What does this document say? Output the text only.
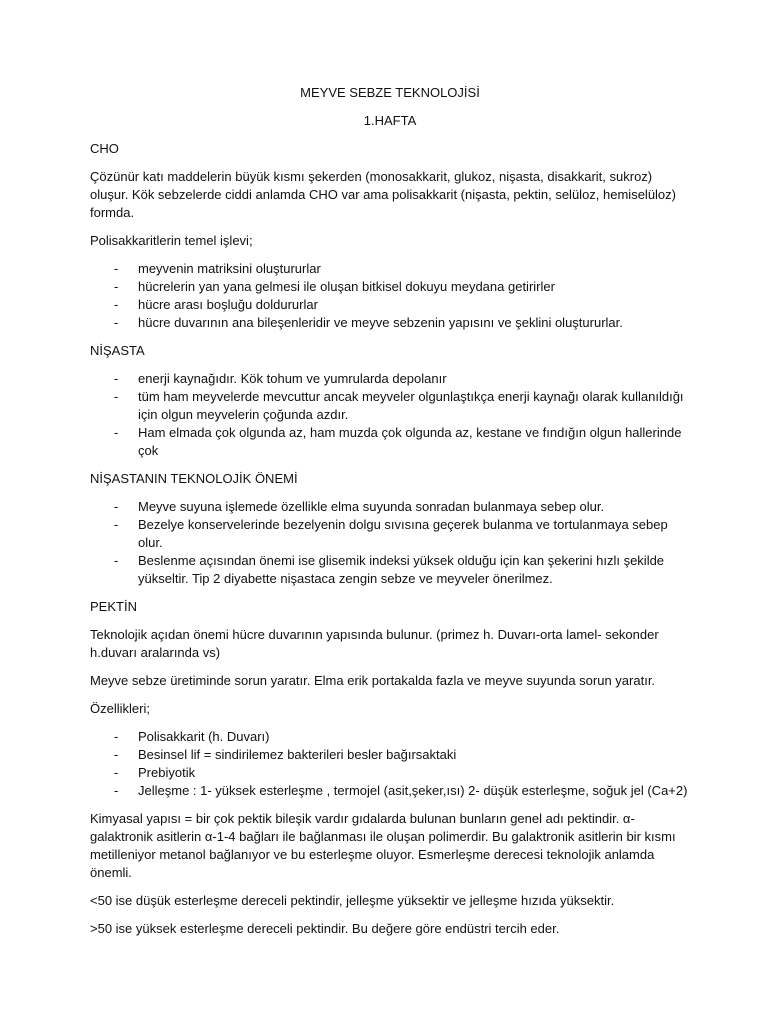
MEYVE SEBZE TEKNOLOJİSİ

1.HAFTA

CHO

Çözünür katı maddelerin büyük kısmı şekerden (monosakkarit, glukoz, nişasta, disakkarit, sukroz) oluşur. Kök sebzelerde ciddi anlamda CHO var ama polisakkarit (nişasta, pektin, selüloz, hemiselüloz) formda.

Polisakkaritlerin temel işlevi;

- meyvenin matriksini oluştururlar
- hücrelerin yan yana gelmesi ile oluşan bitkisel dokuyu meydana getirirler
- hücre arası boşluğu doldururlar
- hücre duvarının ana bileşenleridir ve meyve sebzenin yapısını ve şeklini oluştururlar.

NİŞASTA

- enerji kaynağıdır. Kök tohum ve yumrularda depolanır
- tüm ham meyvelerde mevcuttur ancak meyveler olgunlaştıkça enerji kaynağı olarak kullanıldığı için olgun meyvelerin çoğunda azdır.
- Ham elmada çok olgunda az, ham muzda çok olgunda az, kestane ve fındığın olgun hallerinde çok

NİŞASTANIN TEKNOLOJİK ÖNEMİ

- Meyve suyuna işlemede özellikle elma suyunda sonradan bulanmaya sebep olur.
- Bezelye konservelerinde bezelyenin dolgu sıvısına geçerek bulanma ve tortulanmaya sebep olur.
- Beslenme açısından önemi ise glisemik indeksi yüksek olduğu için kan şekerini hızlı şekilde yükseltir. Tip 2 diyabette nişastaca zengin sebze ve meyveler önerilmez.

PEKTİN

Teknolojik açıdan önemi hücre duvarının yapısında bulunur. (primez h. Duvarı-orta lamel- sekonder h.duvarı aralarında vs)

Meyve sebze üretiminde sorun yaratır. Elma erik portakalda fazla ve meyve suyunda sorun yaratır.

Özellikleri;

- Polisakkarit (h. Duvarı)
- Besinsel lif = sindirilemez bakterileri besler bağırsaktaki
- Prebiyotik
- Jelleşme : 1- yüksek esterleşme , termojel (asit,şeker,ısı) 2- düşük esterleşme, soğuk jel (Ca+2)

Kimyasal yapısı = bir çok pektik bileşik vardır gıdalarda bulunan bunların genel adı pektindir. α-galaktronik asitlerin α-1-4 bağları ile bağlanması ile oluşan polimerdir. Bu galaktronik asitlerin bir kısmı metilleniyor metanol bağlanıyor ve bu esterleşme oluyor. Esmerleşme derecesi teknolojik anlamda önemli.

<50 ise düşük esterleşme dereceli pektindir, jelleşme yüksektir ve jelleşme hızıda yüksektir.

>50 ise yüksek esterleşme dereceli pektindir. Bu değere göre endüstri tercih eder.
